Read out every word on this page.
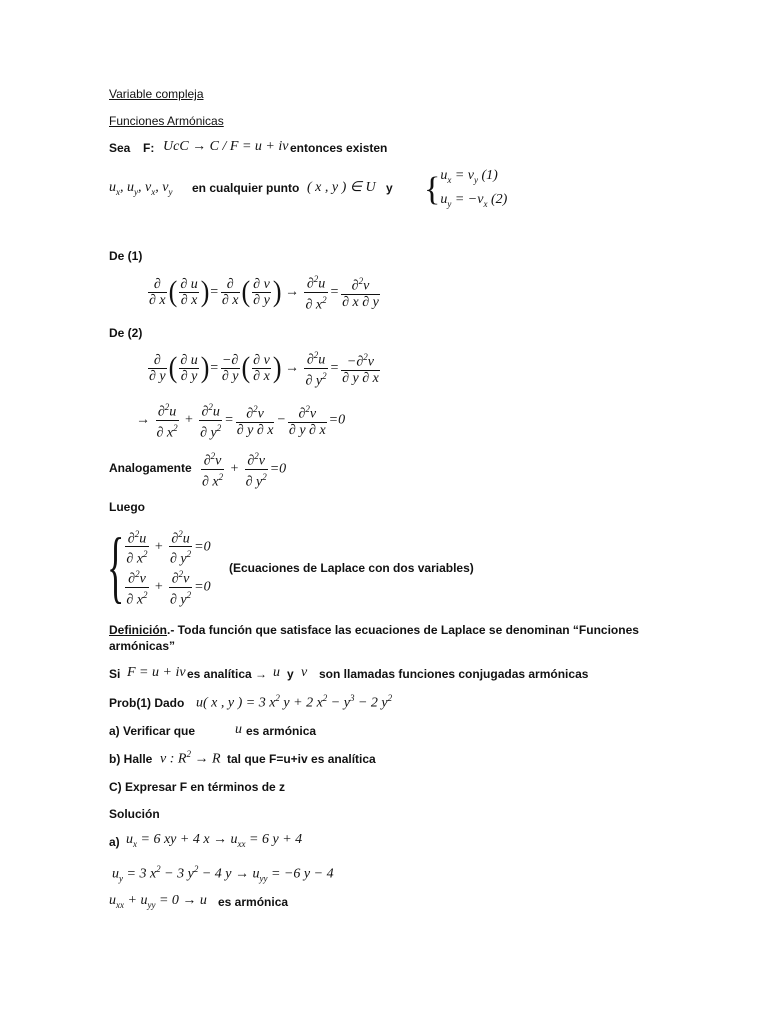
Variable compleja
Funciones Armónicas
Sea F: UcC → C / F = u + iv entonces existen
$u_x$, $u_y$, $v_x$, $v_y$ en cualquier punto ( x , y ) ∈ U y { $u_x = v_y$ (1)
$u_y = -v_x$ (2)
De (1)
$\frac{\partial}{\partial x}$ ( $\frac{\partial u}{\partial x}$ )= $\frac{\partial}{\partial x}$ ( $\frac{\partial v}{\partial y}$ ) → $\frac{\partial^2u}{\partial x^2} = \frac{\partial^2v}{\partial x \partial y}$
De (2)
$\frac{\partial}{\partial y}$ ( $\frac{\partial u}{\partial y}$ )= $\frac{-\partial}{\partial y}$ ( $\frac{\partial v}{\partial x}$ ) → $\frac{\partial^2u}{\partial y^2} = \frac{-\partial^2v}{\partial y \partial x}$
→ $\frac{\partial^2u}{\partial x^2} + \frac{\partial^2u}{\partial y^2} = \frac{\partial^2v}{\partial y \partial x} - \frac{\partial^2v}{\partial y \partial x} =0$
Analogamente $\frac{\partial^2v}{\partial x^2} + \frac{\partial^2v}{\partial y^2} =0$
Luego
{ $\frac{\partial^2u}{\partial x^2} + \frac{\partial^2u}{\partial y^2} =0$
$\frac{\partial^2v}{\partial x^2} + \frac{\partial^2v}{\partial y^2} =0$
(Ecuaciones de Laplace con dos variables)
Definición.- Toda función que satisface las ecuaciones de Laplace se denominan “Funciones
armónicas”
Si F = u + iv es analítica → u y v son llamadas funciones conjugadas armónicas
Prob(1) Dado u( x , y ) = 3 $x^2$ y + 2 $x^2 - y^3 - 2$ $y^2$
a) Verificar que	u es armónica
b) Halle v : $R^2 \to R$ tal que F=u+iv es analítica
C) Expresar F en términos de z
Solución
a) $u_x = 6$ xy + 4 $x \to u_{xx} = 6$ y + 4
$u_y = 3$ $x^2 - 3$ $y^2 - 4$ $y \to u_{yy} = -6$ y − 4
$u_{xx} + u_{yy} = 0 \to u$ es armónica
